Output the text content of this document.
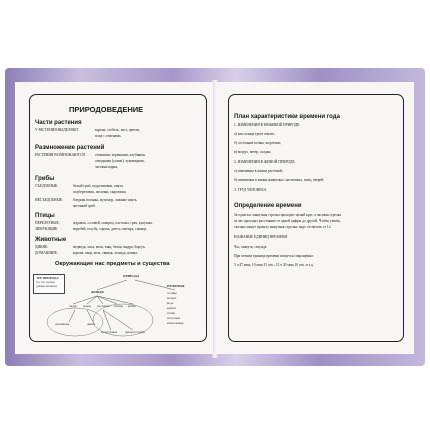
ПРИРОДОВЕДЕНИЕ
Части растения
У РАСТЕНИЯ ВЫДЕЛЯЮТ	корень, стебель, лист, цветок,
плод с семенами.
Размножение растений
РАСТЕНИЯ РАЗМНОЖАЮТСЯ	семенами, черенками, клубнями,
отводками (усами), луковицами,
частями корня.
Грибы
СЪЕДОБНЫЕ:	белый гриб, подосиновик, опята,
подберезовик, лисички, сыроежки.
НЕСЪЕДОБНЫЕ:	бледная поганка, мухомор, ложные опята,
желчный гриб.
Птицы
ПЕРЕЛЕТНЫЕ:	журавль, соловей, скворец, ласточка, грач, кукушка.
ЗИМУЮЩИЕ:	воробей, голубь, сорока, дятел, снегирь, синица.
Животные
ДИКИЕ:	медведь, лиса, волк, заяц, белка, выдра, барсук.
ДОМАШНИЕ:	корова, овца, коза, свинья, лошадь, кошка.
Окружающие нас предметы и существа
НЕ ПРИРОДА
(то, что сделано
руками человека)
ПРИРОДА
ЖИВАЯ
НЕЖИВАЯ
люди звери растения птицы рыбы
домашние	дикие
культурные дикорастущие
солнце
воздух
вода
камни
почва
полезные
ископаемые
План характеристики времени года
1. ИЗМЕНЕНИЯ В НЕЖИВОЙ ПРИРОДЕ:
а) как солнце греет землю;
б) состояние почвы, водоемов;
в) воздух, ветер, осадки.
2. ИЗМЕНЕНИЯ В ЖИВОЙ ПРИРОДЕ:
а) изменения в жизни растений;
б) изменения в жизни животных: насекомых, птиц, зверей.
3. ТРУД ЧЕЛОВЕКА.
Определение времени
За один час минутная стрелка проходит целый круг, а часовая стрелка
за час проходит расстояние от одной цифры до другой. Чтобы узнать,
сколько минут прошло минутная стрелка, надо отсчитать от 12.
НАЗВАНИЕ ЕДИНИЦ ВРЕМЕНИ
Час, минута, секунда.
При чтении единица времени пишутся сокращенно:
3 ч 47 мин; 10 мин 15 сек.; 12 ч 30 мин 10 сек. и т.д.
